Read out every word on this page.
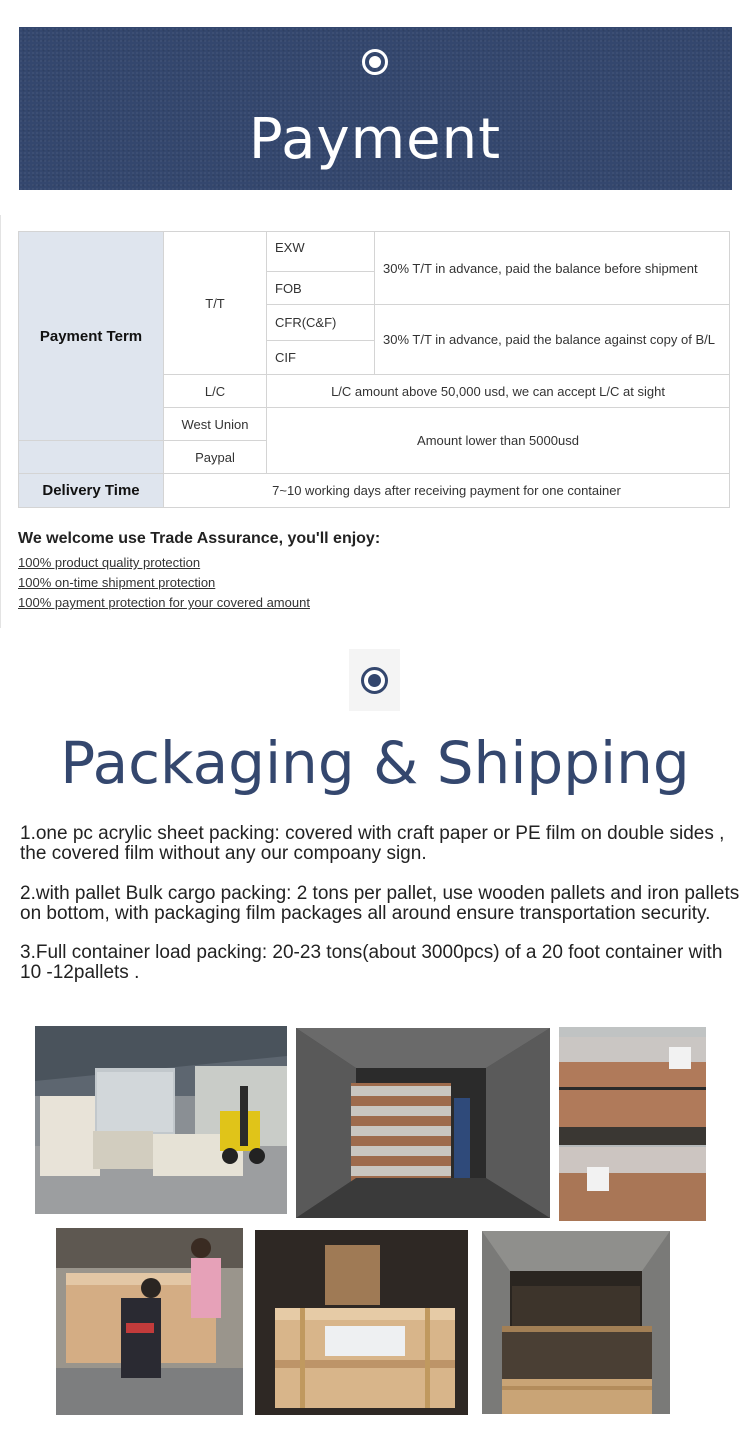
Payment
Payment Term	T/T	EXW	30% T/T in advance, paid the balance before shipment
		FOB	
		CFR(C&F)	30% T/T in advance, paid the balance against copy of B/L
		CIF	
	L/C	L/C amount above 50,000 usd, we can accept L/C at sight	
	West Union	Amount lower than 5000usd	
	Paypal		
Delivery Time	7~10 working days after receiving payment for one container		
We welcome use Trade Assurance, you'll enjoy:
100% product quality protection
100% on-time shipment protection
100% payment protection for your covered amount
Packaging & Shipping
1.one pc acrylic sheet packing: covered with craft paper or PE film on double sides , the covered film without any our compoany sign.
2.with pallet Bulk cargo packing: 2 tons per pallet, use wooden pallets and iron pallets on bottom, with packaging film packages all around ensure transportation security.
3.Full container load packing: 20-23 tons(about 3000pcs) of a 20 foot container with 10 -12pallets .
